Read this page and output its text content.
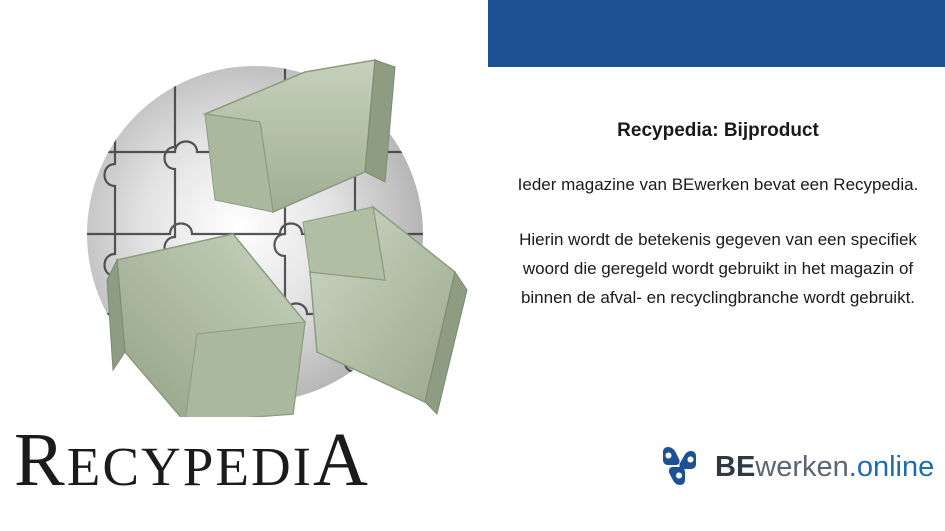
RECYPEDIA
Recypedia: Bijproduct

Ieder magazine van BEwerken bevat een Recypedia.

Hierin wordt de betekenis gegeven van een specifiek woord die geregeld wordt gebruikt in het magazin of binnen de afval- en recyclingbranche wordt gebruikt.

BEwerken.online
